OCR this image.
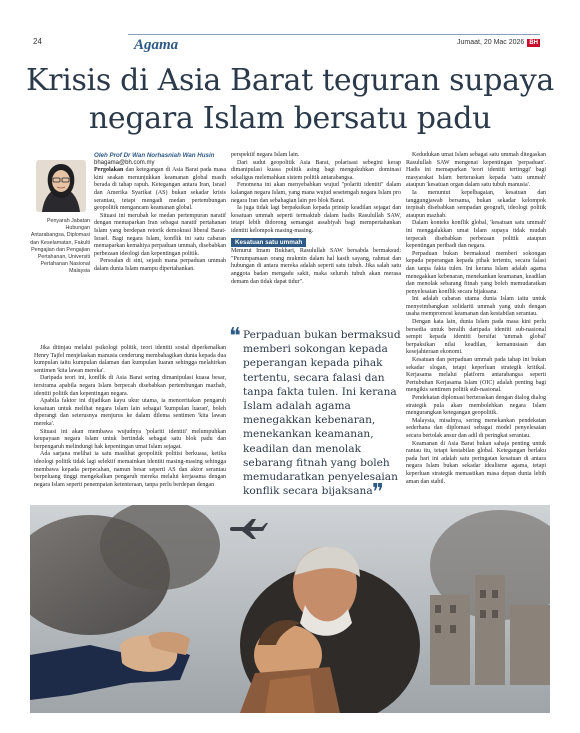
24	Agama	Jumaat, 20 Mac 2026 BH
Krisis di Asia Barat teguran supaya
negara Islam bersatu padu
Penyarah Jabatan Hubungan Antarabangsa, Diplomasi dan Keselamatan, Fakulti Pengajian dan Pengajian Pertahanan, Universiti Pertahanan Nasional Malaysia

Oleh Prof Dr Wan Norhasniah Wan Husin

bhagama@bh.com.my

Pergolakan dan ketegangan di Asia Barat pada masa kini seakan menunjukkan keamanan global masih berada di tahap rapuh. Ketegangan antara Iran, Israel dan Amerika Syarikat (AS) bukan sekadar krisis serantau, tetapi mengadi medan pertembungan geopolitik mengancam keamanan global.

Situasi ini merubah ke medan pertempuran naratif dengan memaparkan Iran sebagai naratif pertahanan Islam yang berdepan retorik demokrasi liberal Barat-Israel. Bagi negara Islam, konflik ini satu cabaran memaparkan kemahiya perpaduan ummah, disebabkan perbezaan ideologi dan kepentingan politik.

Persoalan di sini, sejauh mana perpaduan ummah dalam dunia Islam mampu dipertahankan.

Jika ditinjau melalui psikologi politik, teori identiti sosial diperkenalkan Henry Tajfel menjelaskan manusia cenderung membahagikan dunia kepada dua kumpulan iaitu kumpulan dalaman dan kumpulan luaran sehingga melahirkan sentimen 'kita lawan mereka'.

Daripada teori ini, konflik di Asia Barat sering dimanipulasi kuasa besar, tersirama apabila negara Islam berpecah disebabkan pertembungan mazhab, identiti politik dan kepentingan negara.

Apabila faktor ini dijadikan kayu ukur utama, ia menceritakan pengaruh kesatuan untuk melihat negara Islam lain sebagai 'kumpulan luaran', boleh diperangi dan seterusnya menjurus ke dalam dilema sentimen 'kita lawan mereka'.

Situasi ini akan membawa wujudnya 'polariti identiti' melumpuhkan keupayaan negara Islam untuk bertindak sebagai satu blok padu dan berpengaruh melindungi hak kepentingan umat Islam sejagat.

Ada sarjana melihat ia satu maslihat geopolitik politisi berkuasa, ketika ideologi politik tidak lagi selektif memainkan identiti masing-masing sehingga membawa kepada perpecahan, namun besar seperti AS dan aktor serantau berpeluang tinggi mengekalkan pengaruh mereka melalui kerjasama dengan negara Islam seperti penempatan ketenteraan, tanpa perlu berdepan dengan

perspektif negara Islam lain.

Dari sudut geopolitik Asia Barat, polarisasi sebegini kerap dimanipulasi kuasa politik asing bagi mengukuhkan dominasi sekaligus melemahkan sistem politik antarabangsa.

Fenomena ini akan menyebabkan wujud "polariti identiti" dalam kalangan negara Islam, yang mana wujud sesetengah negara Islam pro negara Iran dan sebahagian lain pro blok Barat.

Ia juga tidak lagi berpaksikan kepada prinsip keadilan sejagat dan kesatuan ummah seperti termaktub dalam hadis Rasulullah SAW, tetapi lebih didorong semangat assabiyah bagi mempertahankan identiti kelompok masing-masing.

Kesatuan satu ummah

Menurut Imam Bukhari, Rasulullah SAW bersabda bermaksud: "Perumpamaan orang mukmin dalam hal kasih sayang, rahmat dan hubungan di antara mereka adalah seperti satu tubuh. Jika salah satu anggota badan mengadu sakit, maka seluruh tubuh akan merasa demam dan tidak dapat tidur".

❝ Perpaduan bukan bermaksud memberi sokongan kepada peperangan kepada pihak tertentu, secara falasi dan tanpa fakta tulen. Ini kerana Islam adalah agama menegakkan kebenaran, menekankan keamanan, keadilan dan menolak sebarang fitnah yang boleh memudaratkan penyelesaian konflik secara bijaksana ❞

Kedudukan umat Islam sebagai satu ummah ditegaskan Rasulullah SAW mengenai kepentingan 'perpaduan'. Hadis ini memaparkan 'teori identiti tertinggi' bagi masyarakat Islam berteraskan kepada 'satu ummah' ataupun 'kesatuan organ dalam satu tubuh manusia'.

Ia menuntut kepelbagaian, kesatuan dan tanggungjawab bersama, bukan sekadar kelompok terpisah disebabkan sempadan geografi, ideologi politik ataupun mazhab.

Dalam konteks konflik global, 'kesatuan satu ummah' ini menggalakkan umat Islam supaya tidak mudah terpecah disebabkan perbezaan politik ataupun kepentingan peribadi dan negara.

Perpaduan bukan bermaksud memberi sokongan kepada peperangan kepada pihak tertentu, secara falasi dan tanpa fakta tulen. Ini kerana Islam adalah agama menegakkan kebenaran, menekankan keamanan, keadilan dan menolak sebarang fitnah yang boleh memudaratkan penyelesaian konflik secara bijaksana.

Ini adalah cabaran utama dunia Islam iaitu untuk menyeimbangkan solidariti ummah yang utuh dengan usaha mempromosi keamanan dan kestabilan serantau.

Dengan kata lain, dunia Islam pada masa kini perlu bersedia untuk beralih daripada identiti sub-nasional sempit kepada identiti bersifat 'ummah global' berpaksikan nilai keadilan, kemanusiaan dan kesejahteraan ekonomi.

Kesatuan dan perpaduan ummah pada tahap ini bukan sekadar slogan, tetapi keperluan strategik kritikal. Kerjasama melalui platform antarabangsa seperti Pertubuhan Kerjasama Islam (OIC) adalah penting bagi mengikis sentimen politik sub-nasional.

Pendekatan diplomasi berteraskan dengan dialog dialog strategik pula akan membolehkan negara Islam mengurangkan ketegangan geopolitik.

Malaysia, misalnya, sering menekankan pendekatan sederhana dan diplomasi sebagai model penyelesaian secara bertolak ansur dan adil di peringkat serantau.

Keamanan di Asia Barat bukan sahaja penting untuk rantau itu, tetapi kestabilan global. Ketegangan berlaku pada hari ini adalah satu peringatan kesatuan di antara negara Islam bukan sekadar idealisme agama, tetapi keperluan strategik memastikan masa depan dunia lebih aman dan stabil.
